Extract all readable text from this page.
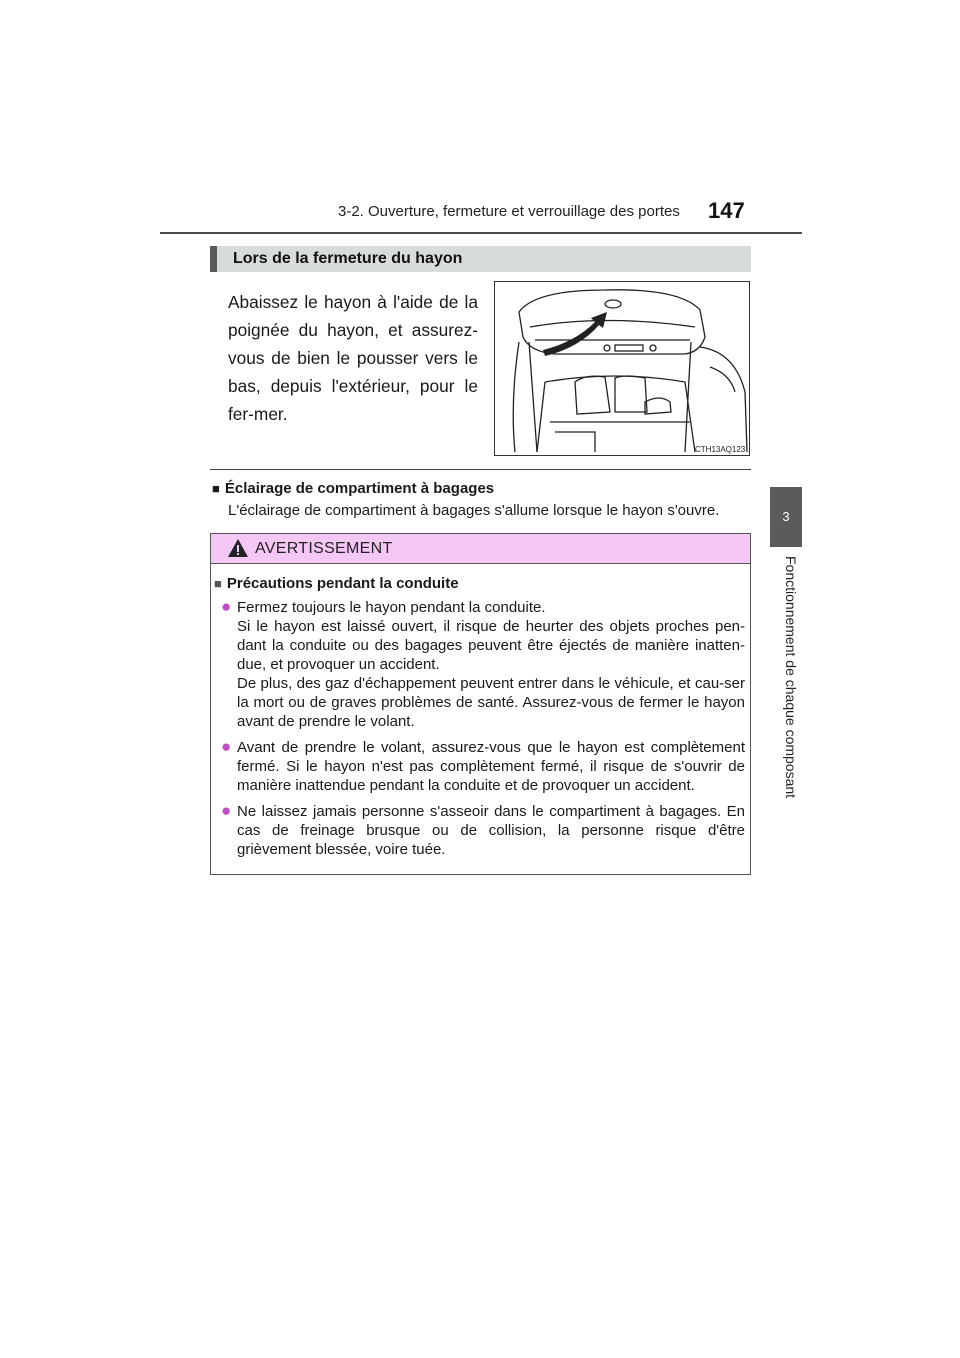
3-2. Ouverture, fermeture et verrouillage des portes 147
3
Fonctionnement de chaque composant
Lors de la fermeture du hayon

Abaissez le hayon à l'aide de la poignée du hayon, et assurez-vous de bien le pousser vers le bas, depuis l'extérieur, pour le fer-mer.

CTH13AQ123
■ Éclairage de compartiment à bagages
L'éclairage de compartiment à bagages s'allume lorsque le hayon s'ouvre.
AVERTISSEMENT
■ Précautions pendant la conduite
● Fermez toujours le hayon pendant la conduite.

Si le hayon est laissé ouvert, il risque de heurter des objets proches pen-dant la conduite ou des bagages peuvent être éjectés de manière inatten-due, et provoquer un accident.

De plus, des gaz d'échappement peuvent entrer dans le véhicule, et cau-ser la mort ou de graves problèmes de santé. Assurez-vous de fermer le hayon avant de prendre le volant.

● Avant de prendre le volant, assurez-vous que le hayon est complètement fermé. Si le hayon n'est pas complètement fermé, il risque de s'ouvrir de manière inattendue pendant la conduite et de provoquer un accident.

● Ne laissez jamais personne s'asseoir dans le compartiment à bagages. En cas de freinage brusque ou de collision, la personne risque d'être grièvement blessée, voire tuée.
